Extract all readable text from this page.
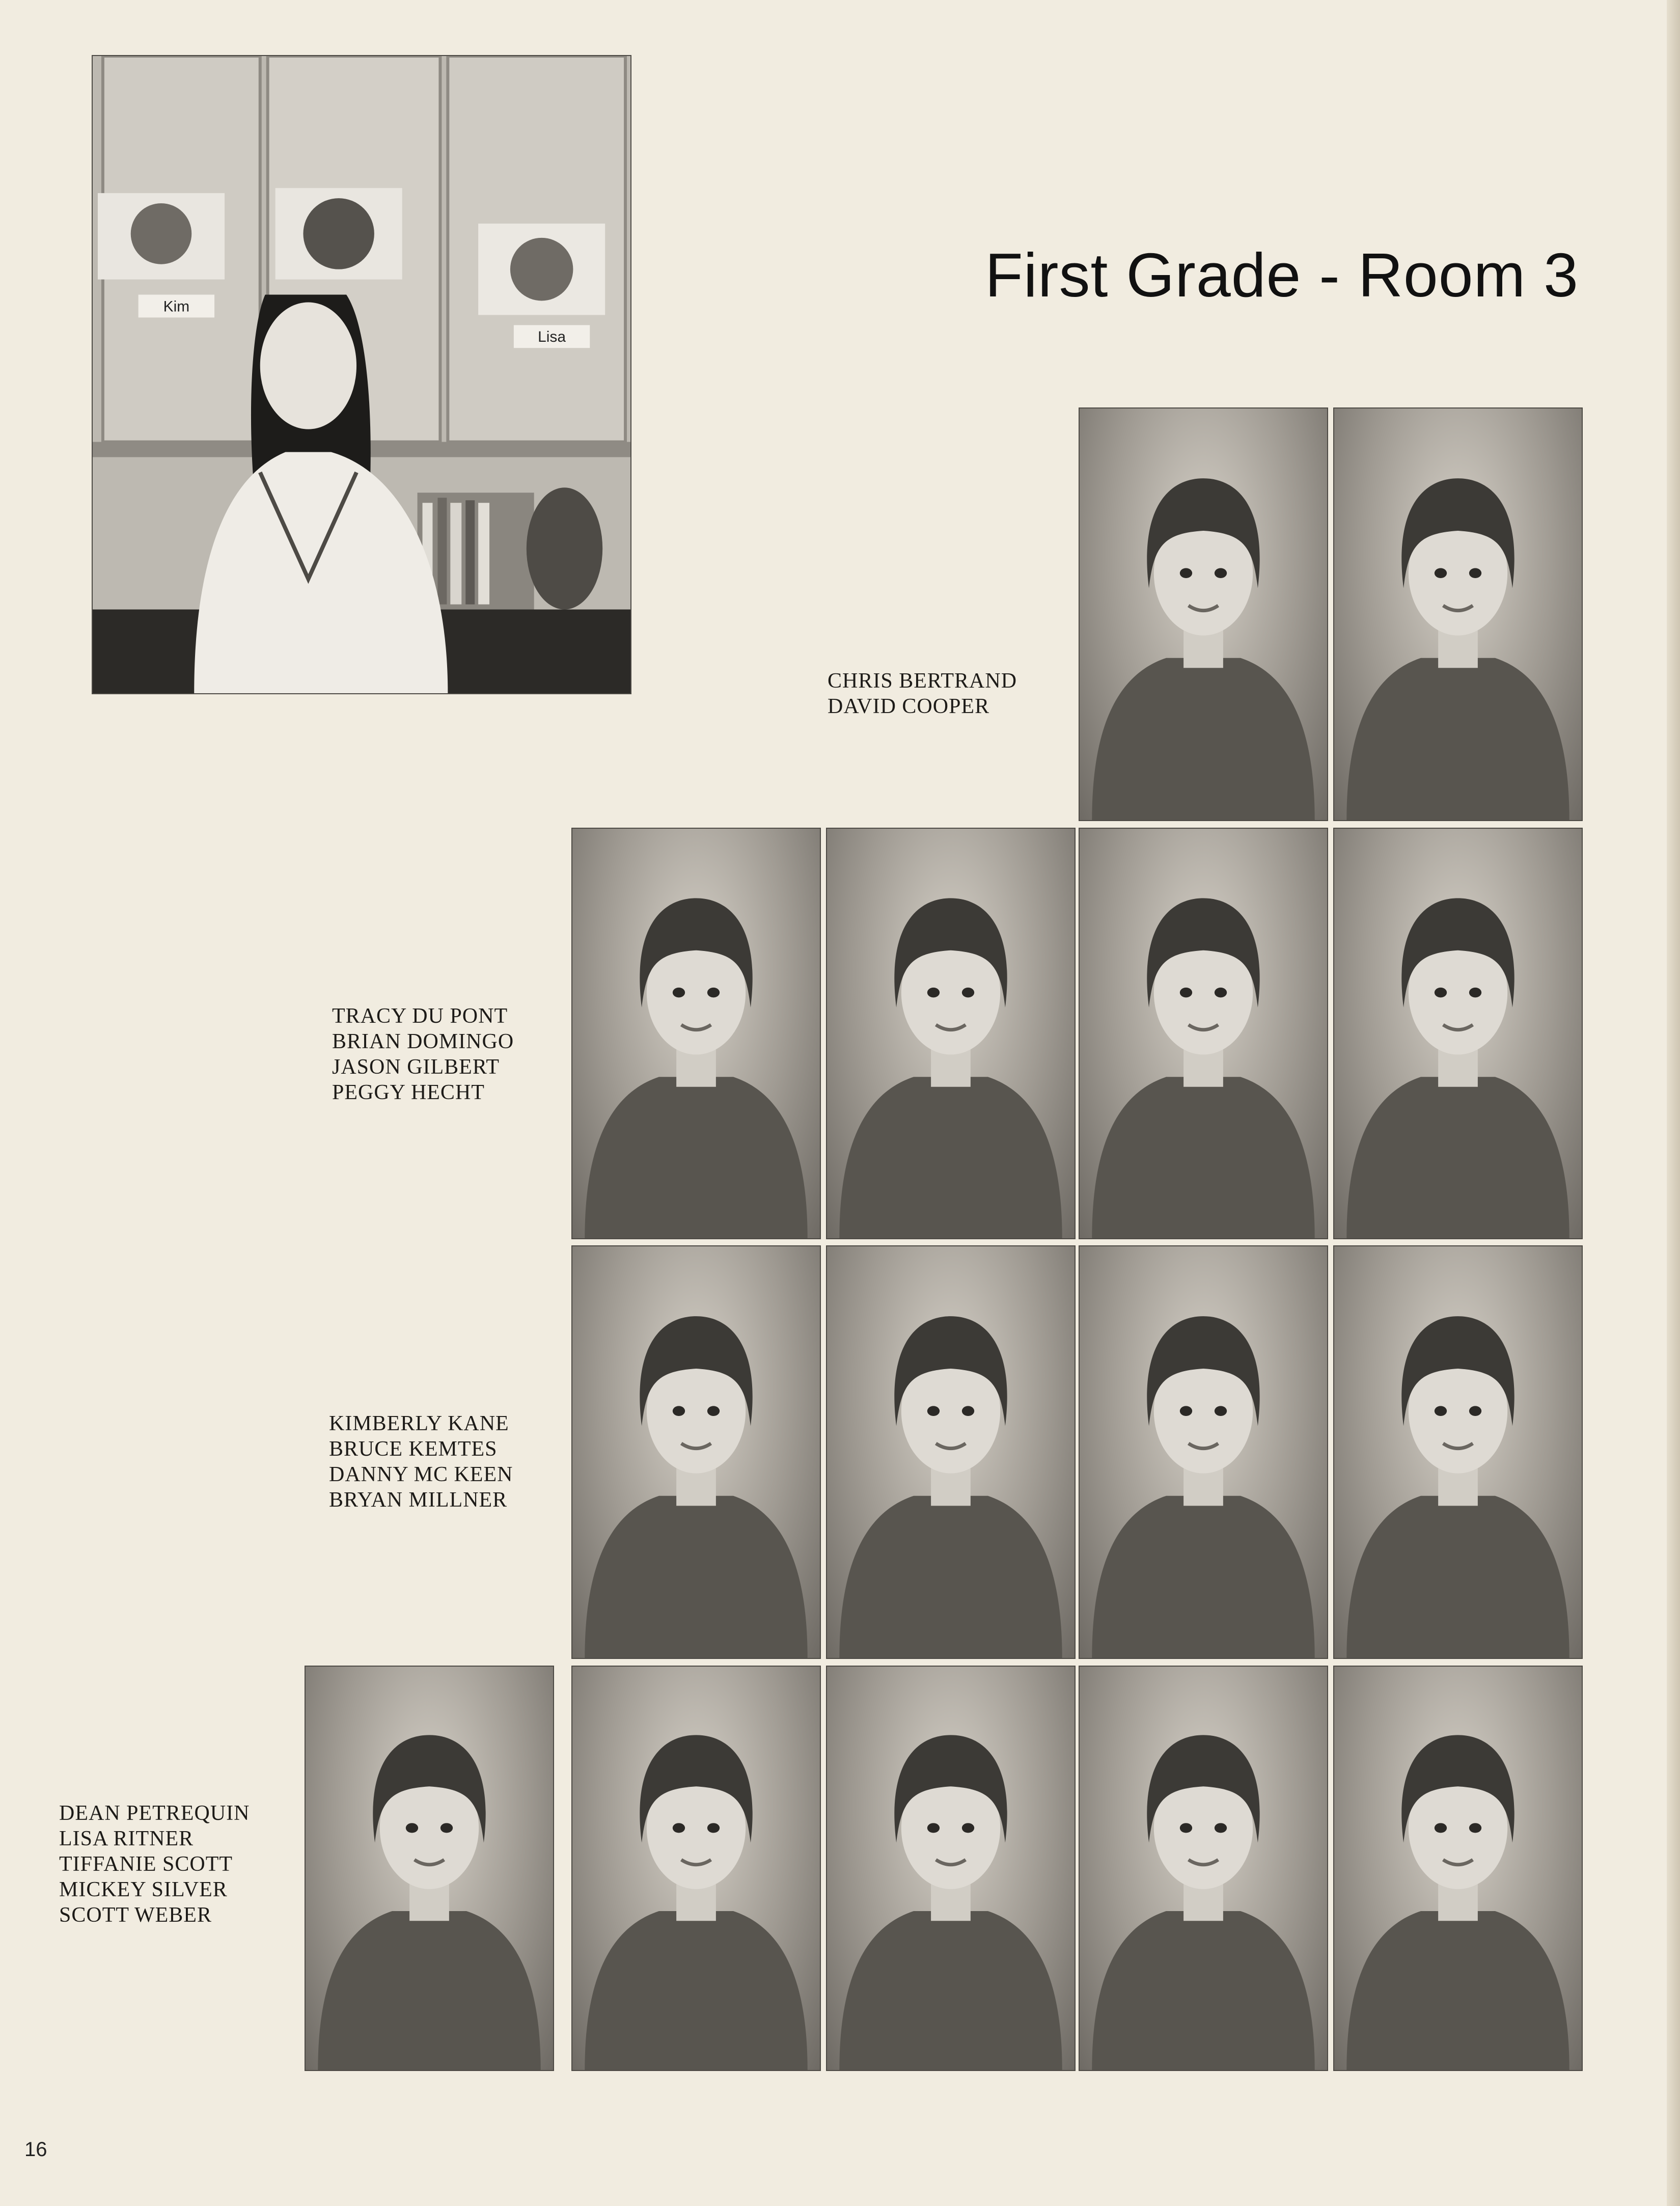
First Grade - Room 3
Kim
Lisa
CHRIS BERTRAND
DAVID COOPER
TRACY DU PONT
BRIAN DOMINGO
JASON GILBERT
PEGGY HECHT
KIMBERLY KANE
BRUCE KEMTES
DANNY MC KEEN
BRYAN MILLNER
DEAN PETREQUIN
LISA RITNER
TIFFANIE SCOTT
MICKEY SILVER
SCOTT WEBER
16
